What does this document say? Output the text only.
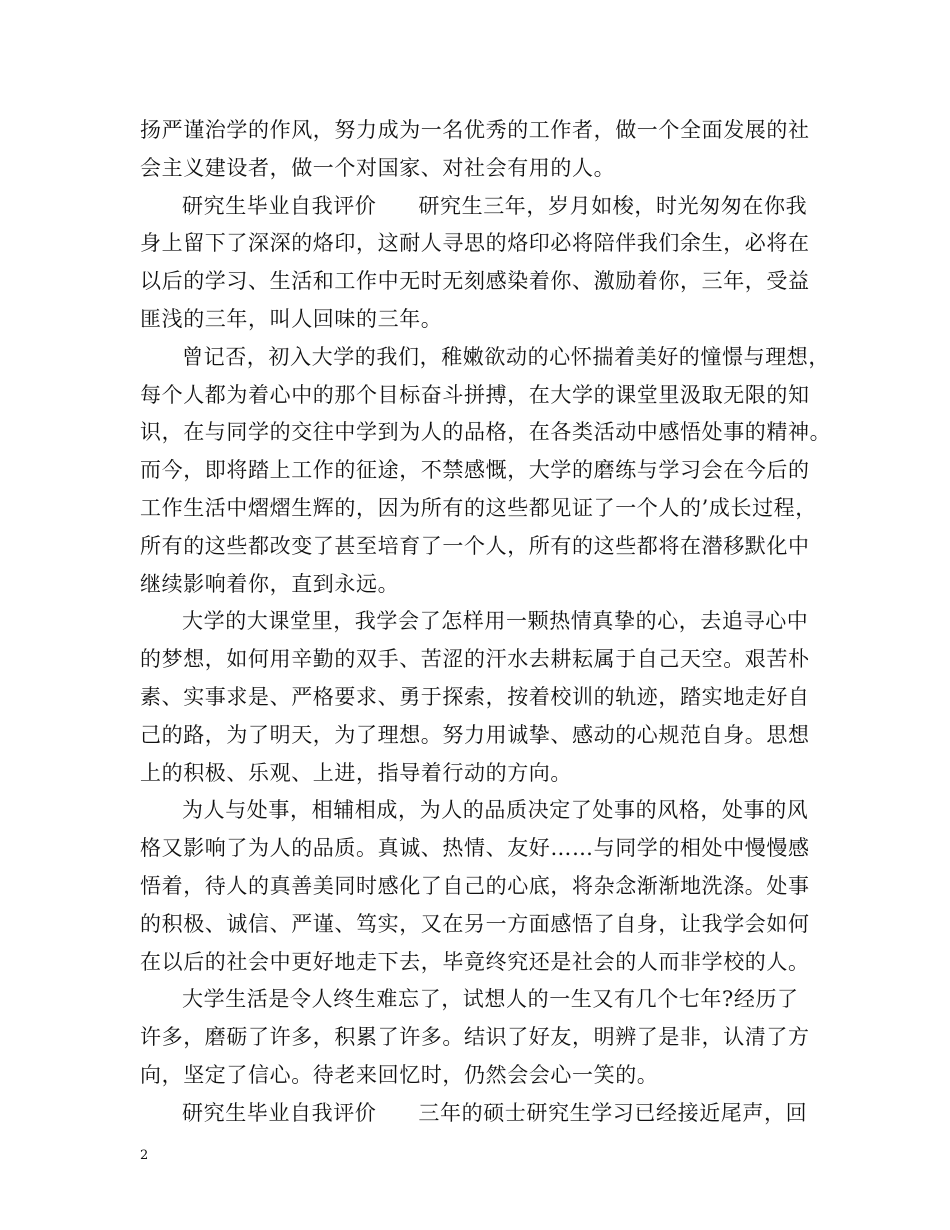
扬严谨治学的作风，努力成为一名优秀的工作者，做一个全面发展的社
会主义建设者，做一个对国家、对社会有用的人。
研究生毕业自我评价 研究生三年，岁月如梭，时光匆匆在你我
身上留下了深深的烙印，这耐人寻思的烙印必将陪伴我们余生，必将在
以后的学习、生活和工作中无时无刻感染着你、激励着你，三年，受益
匪浅的三年，叫人回味的三年。
曾记否，初入大学的我们，稚嫩欲动的心怀揣着美好的憧憬与理想，
每个人都为着心中的那个目标奋斗拼搏，在大学的课堂里汲取无限的知
识，在与同学的交往中学到为人的品格，在各类活动中感悟处事的精神。
而今，即将踏上工作的征途，不禁感慨，大学的磨练与学习会在今后的
工作生活中熠熠生辉的，因为所有的这些都见证了一个人的’成长过程，
所有的这些都改变了甚至培育了一个人，所有的这些都将在潜移默化中
继续影响着你，直到永远。
大学的大课堂里，我学会了怎样用一颗热情真挚的心，去追寻心中
的梦想，如何用辛勤的双手、苦涩的汗水去耕耘属于自己天空。艰苦朴
素、实事求是、严格要求、勇于探索，按着校训的轨迹，踏实地走好自
己的路，为了明天，为了理想。努力用诚挚、感动的心规范自身。思想
上的积极、乐观、上进，指导着行动的方向。
为人与处事，相辅相成，为人的品质决定了处事的风格，处事的风
格又影响了为人的品质。真诚、热情、友好……与同学的相处中慢慢感
悟着，待人的真善美同时感化了自己的心底，将杂念渐渐地洗涤。处事
的积极、诚信、严谨、笃实，又在另一方面感悟了自身，让我学会如何
在以后的社会中更好地走下去，毕竟终究还是社会的人而非学校的人。
大学生活是令人终生难忘了，试想人的一生又有几个七年?经历了
许多，磨砺了许多，积累了许多。结识了好友，明辨了是非，认清了方
向，坚定了信心。待老来回忆时，仍然会会心一笑的。
研究生毕业自我评价 三年的硕士研究生学习已经接近尾声，回
2
